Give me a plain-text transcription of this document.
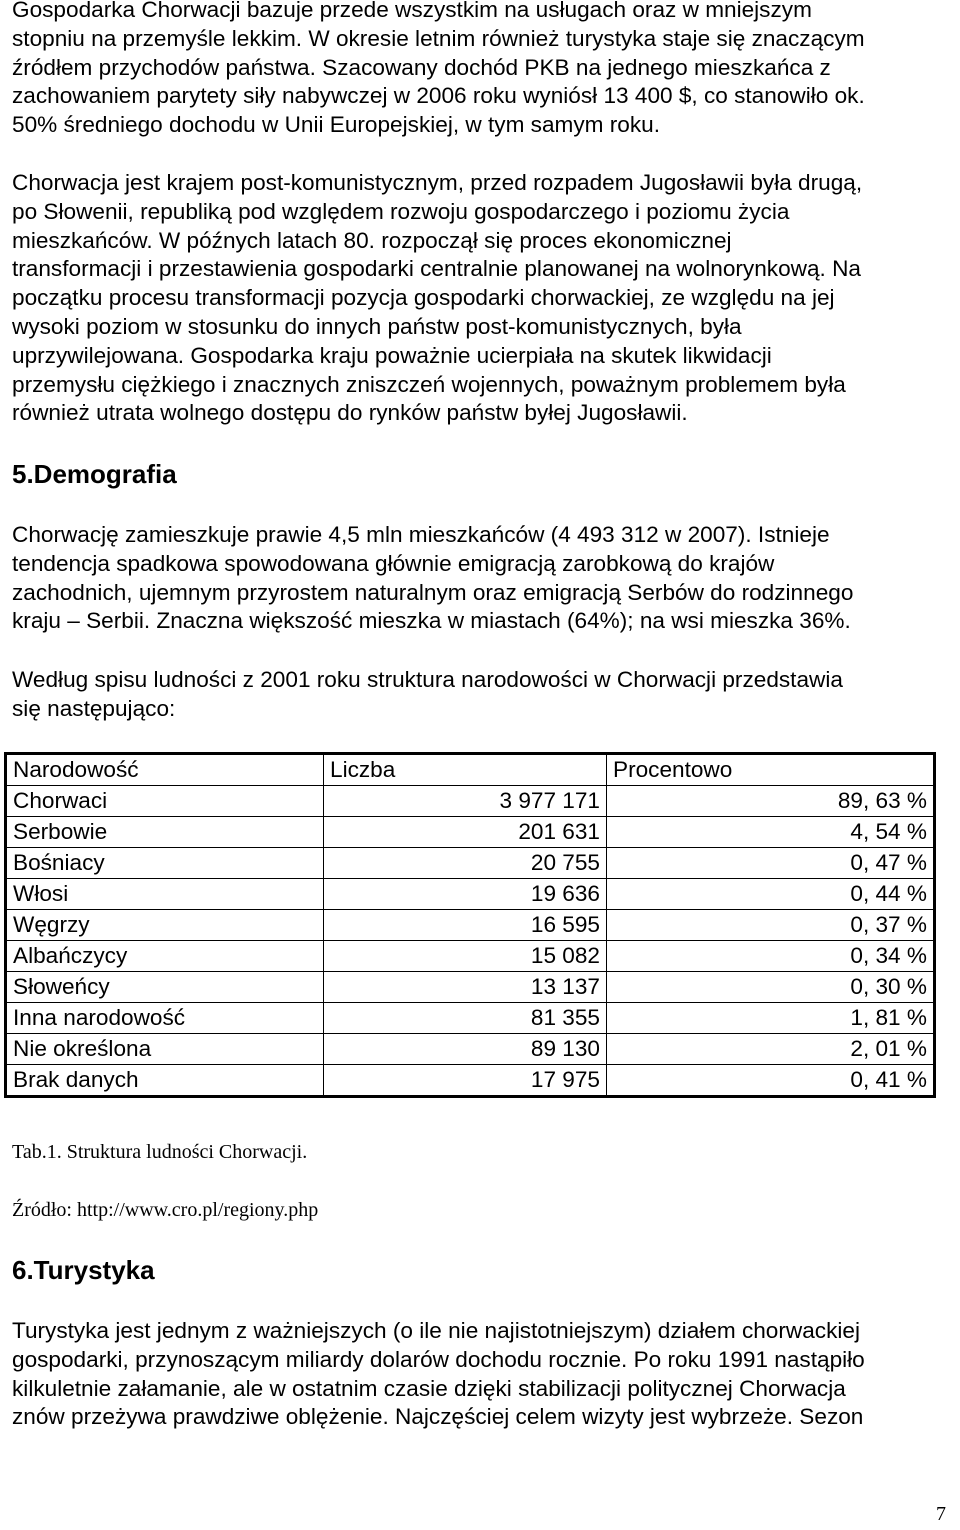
Gospodarka Chorwacji bazuje przede wszystkim na usługach oraz w mniejszym
stopniu na przemyśle lekkim. W okresie letnim również turystyka staje się znaczącym
źródłem przychodów państwa. Szacowany dochód PKB na jednego mieszkańca z
zachowaniem parytety siły nabywczej w 2006 roku wyniósł 13 400 $, co stanowiło ok.
50% średniego dochodu w Unii Europejskiej, w tym samym roku.
Chorwacja jest krajem post-komunistycznym, przed rozpadem Jugosławii była drugą,
po Słowenii, republiką pod względem rozwoju gospodarczego i poziomu życia
mieszkańców. W późnych latach 80. rozpoczął się proces ekonomicznej
transformacji i przestawienia gospodarki centralnie planowanej na wolnorynkową. Na
początku procesu transformacji pozycja gospodarki chorwackiej, ze względu na jej
wysoki poziom w stosunku do innych państw post-komunistycznych, była
uprzywilejowana. Gospodarka kraju poważnie ucierpiała na skutek likwidacji
przemysłu ciężkiego i znacznych zniszczeń wojennych, poważnym problemem była
również utrata wolnego dostępu do rynków państw byłej Jugosławii.
5.Demografia
Chorwację zamieszkuje prawie 4,5 mln mieszkańców (4 493 312 w 2007). Istnieje
tendencja spadkowa spowodowana głównie emigracją zarobkową do krajów
zachodnich, ujemnym przyrostem naturalnym oraz emigracją Serbów do rodzinnego
kraju – Serbii. Znaczna większość mieszka w miastach (64%); na wsi mieszka 36%.
Według spisu ludności z 2001 roku struktura narodowości w Chorwacji przedstawia
się następująco:
Narodowość	Liczba	Procentowo
Chorwaci	3 977 171	89, 63 %
Serbowie	201 631	4, 54 %
Bośniacy	20 755	0, 47 %
Włosi	19 636	0, 44 %
Węgrzy	16 595	0, 37 %
Albańczycy	15 082	0, 34 %
Słoweńcy	13 137	0, 30 %
Inna narodowość	81 355	1, 81 %
Nie określona	89 130	2, 01 %
Brak danych	17 975	0, 41 %

Tab.1. Struktura ludności Chorwacji.

Źródło: http://www.cro.pl/regiony.php

6.Turystyka
Turystyka jest jednym z ważniejszych (o ile nie najistotniejszym) działem chorwackiej
gospodarki, przynoszącym miliardy dolarów dochodu rocznie. Po roku 1991 nastąpiło
kilkuletnie załamanie, ale w ostatnim czasie dzięki stabilizacji politycznej Chorwacja
znów przeżywa prawdziwe oblężenie. Najczęściej celem wizyty jest wybrzeże. Sezon
7
